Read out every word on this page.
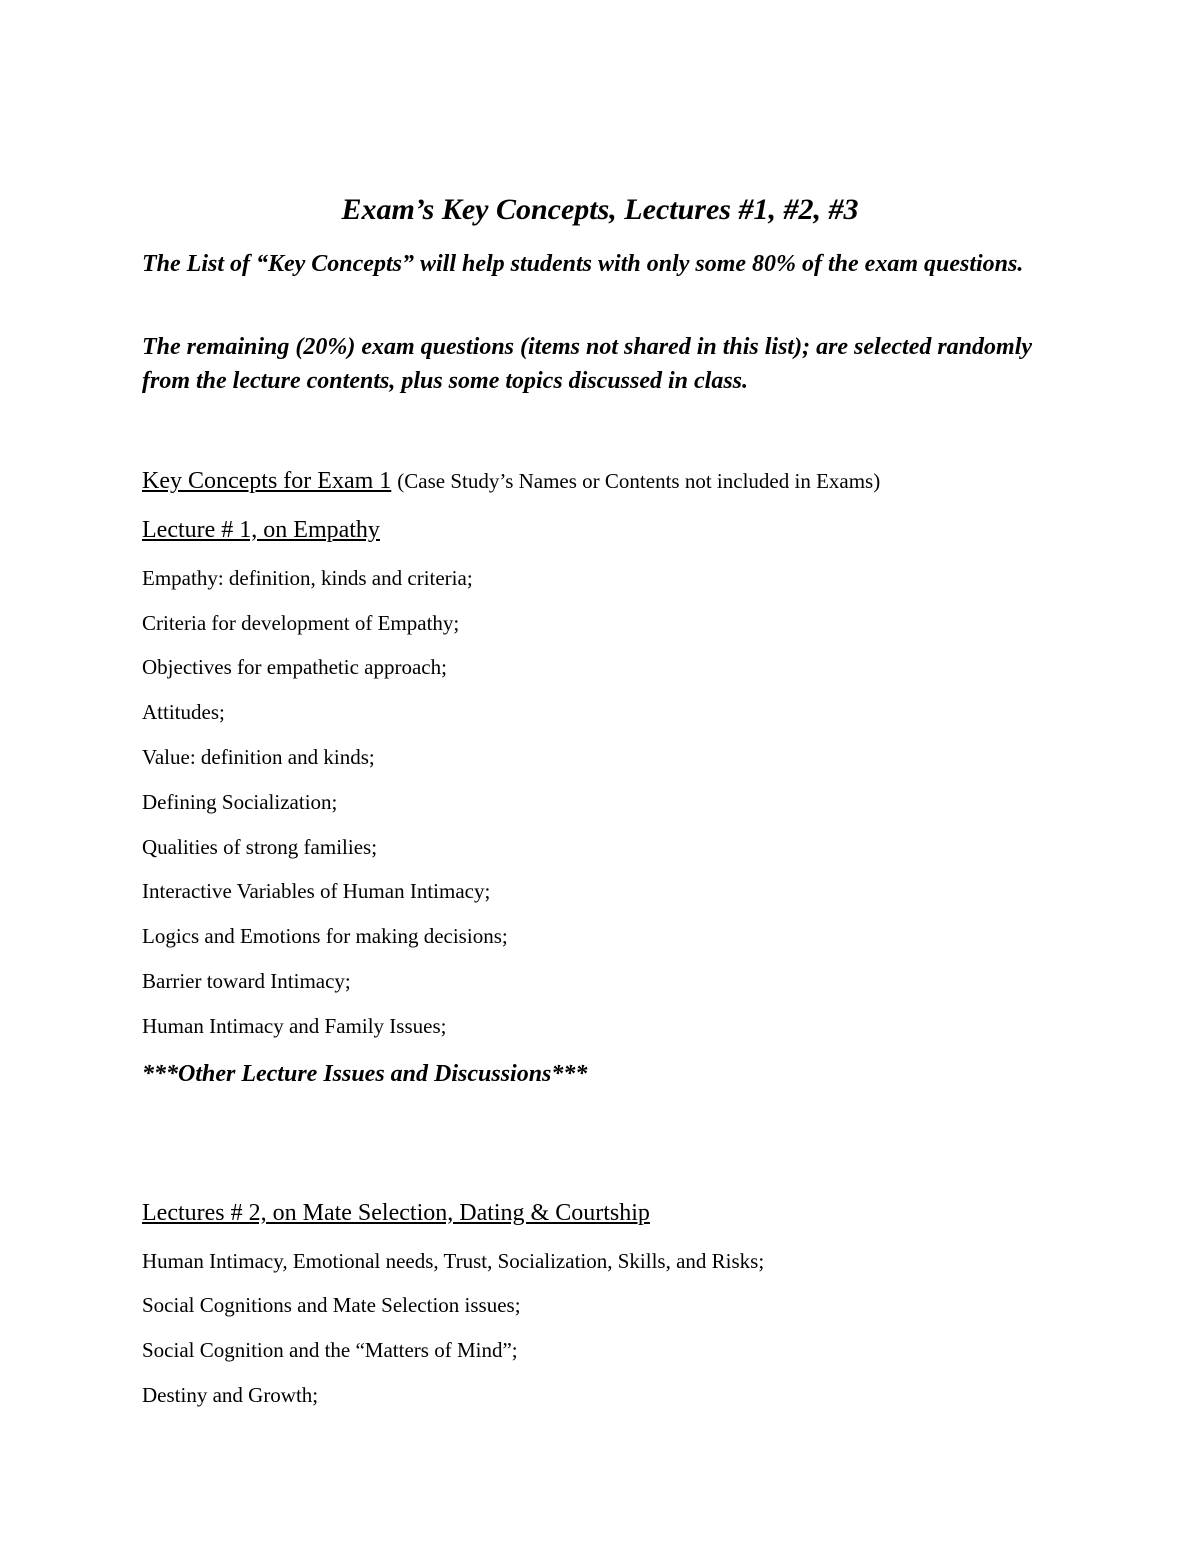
Exam’s Key Concepts, Lectures #1, #2, #3
The List of “Key Concepts” will help students with only some 80% of the exam questions.
The remaining (20%) exam questions (items not shared in this list); are selected randomly from the lecture contents, plus some topics discussed in class.
Key Concepts for Exam 1 (Case Study’s Names or Contents not included in Exams)
Lecture # 1, on Empathy
Empathy: definition, kinds and criteria;
Criteria for development of Empathy;
Objectives for empathetic approach;
Attitudes;
Value: definition and kinds;
Defining Socialization;
Qualities of strong families;
Interactive Variables of Human Intimacy;
Logics and Emotions for making decisions;
Barrier toward Intimacy;
Human Intimacy and Family Issues;
***Other Lecture Issues and Discussions***
Lectures # 2, on Mate Selection, Dating & Courtship
Human Intimacy, Emotional needs, Trust, Socialization, Skills, and Risks;
Social Cognitions and Mate Selection issues;
Social Cognition and the “Matters of Mind”;
Destiny and Growth;
